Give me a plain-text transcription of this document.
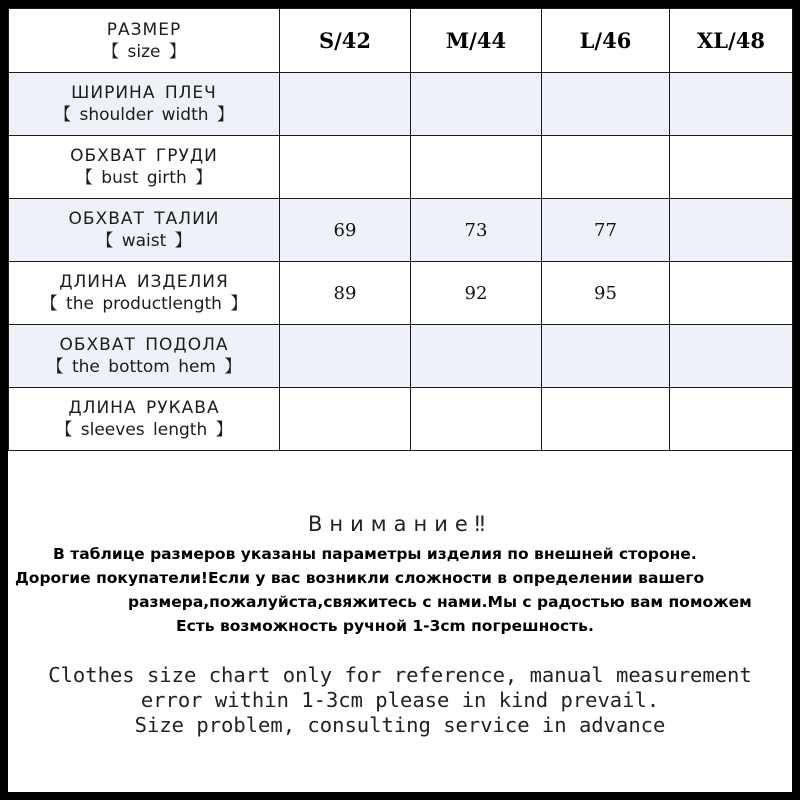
РАЗМЕР
【 size 】	S/42	M/44	L/46	XL/48

ШИРИНА ПЛЕЧ
【 shoulder width 】				

ОБХВАТ ГРУДИ
【 bust girth 】				

ОБХВАТ ТАЛИИ
【 waist 】	69	73	77	

ДЛИНА ИЗДЕЛИЯ
【 the productlength 】	89	92	95	

ОБХВАТ ПОДОЛА
【 the bottom hem 】				

ДЛИНА РУКАВА
【 sleeves length 】				

Внимание‼
В таблице размеров указаны параметры изделия по внешней стороне.
Дорогие покупатели!Если у вас возникли сложности в определении вашего
размера,пожалуйста,свяжитесь с нами.Мы с радостью вам поможем
Есть возможность ручной 1-3cm погрешность.
Clothes size chart only for reference, manual measurement
error within 1-3cm please in kind prevail.
Size problem, consulting service in advance
